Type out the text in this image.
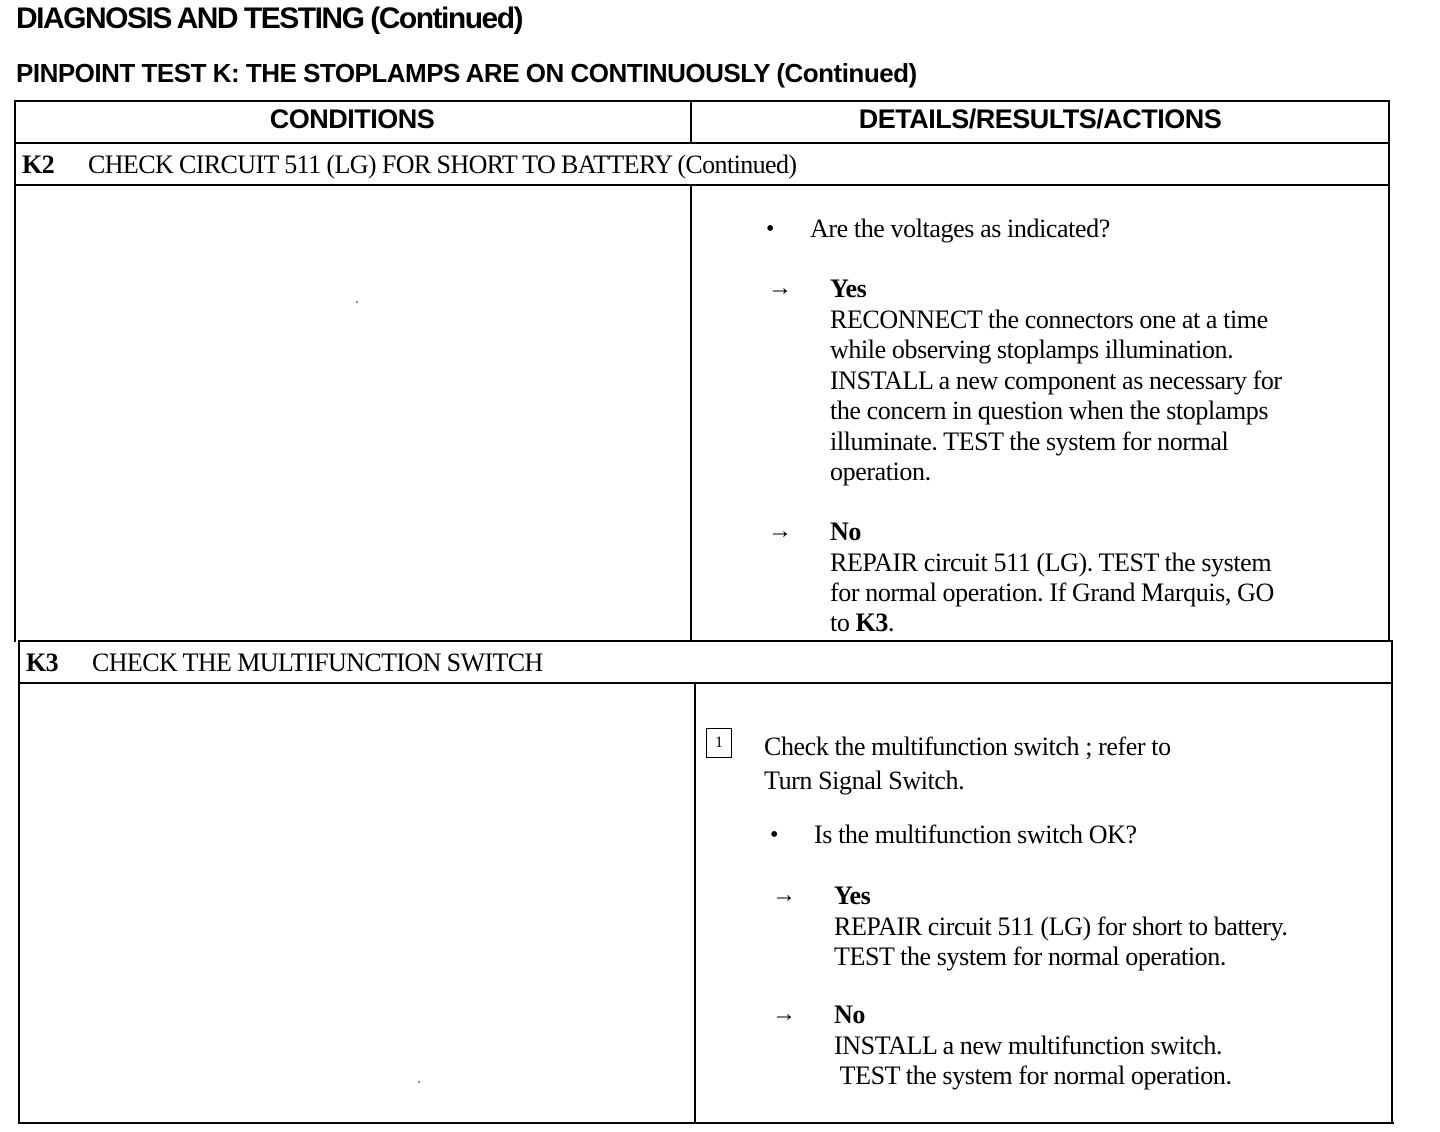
DIAGNOSIS AND TESTING (Continued)
PINPOINT TEST K: THE STOPLAMPS ARE ON CONTINUOUSLY (Continued)
CONDITIONS	DETAILS/RESULTS/ACTIONS
K2 CHECK CIRCUIT 511 (LG) FOR SHORT TO BATTERY (Continued)
• Are the voltages as indicated?
→ Yes
RECONNECT the connectors one at a time
while observing stoplamps illumination.
INSTALL a new component as necessary for
the concern in question when the stoplamps
illuminate. TEST the system for normal
operation.
→ No
REPAIR circuit 511 (LG). TEST the system
for normal operation. If Grand Marquis, GO
to K3.
K3 CHECK THE MULTIFUNCTION SWITCH
1	Check the multifunction switch ; refer to
Turn Signal Switch.
• Is the multifunction switch OK?
→ Yes
REPAIR circuit 511 (LG) for short to battery.
TEST the system for normal operation.
→ No
INSTALL a new multifunction switch.
TEST the system for normal operation.
